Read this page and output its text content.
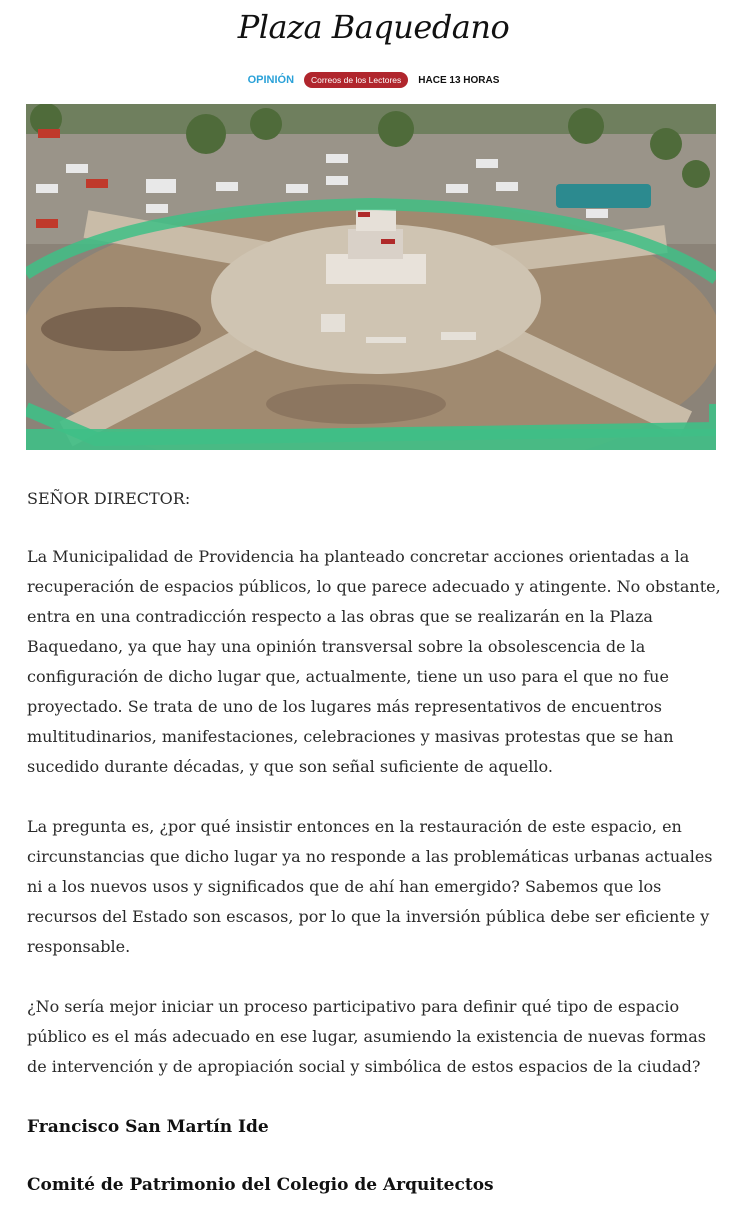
Plaza Baquedano
OPINIÓN	Correos de los Lectores	HACE 13 HORAS

SEÑOR DIRECTOR:

La Municipalidad de Providencia ha planteado concretar acciones orientadas a la recuperación de espacios públicos, lo que parece adecuado y atingente. No obstante, entra en una contradicción respecto a las obras que se realizarán en la Plaza Baquedano, ya que hay una opinión transversal sobre la obsolescencia de la configuración de dicho lugar que, actualmente, tiene un uso para el que no fue proyectado. Se trata de uno de los lugares más representativos de encuentros multitudinarios, manifestaciones, celebraciones y masivas protestas que se han sucedido durante décadas, y que son señal suficiente de aquello.

La pregunta es, ¿por qué insistir entonces en la restauración de este espacio, en circunstancias que dicho lugar ya no responde a las problemáticas urbanas actuales ni a los nuevos usos y significados que de ahí han emergido? Sabemos que los recursos del Estado son escasos, por lo que la inversión pública debe ser eficiente y responsable.

¿No sería mejor iniciar un proceso participativo para definir qué tipo de espacio público es el más adecuado en ese lugar, asumiendo la existencia de nuevas formas de intervención y de apropiación social y simbólica de estos espacios de la ciudad?

Francisco San Martín Ide

Comité de Patrimonio del Colegio de Arquitectos
